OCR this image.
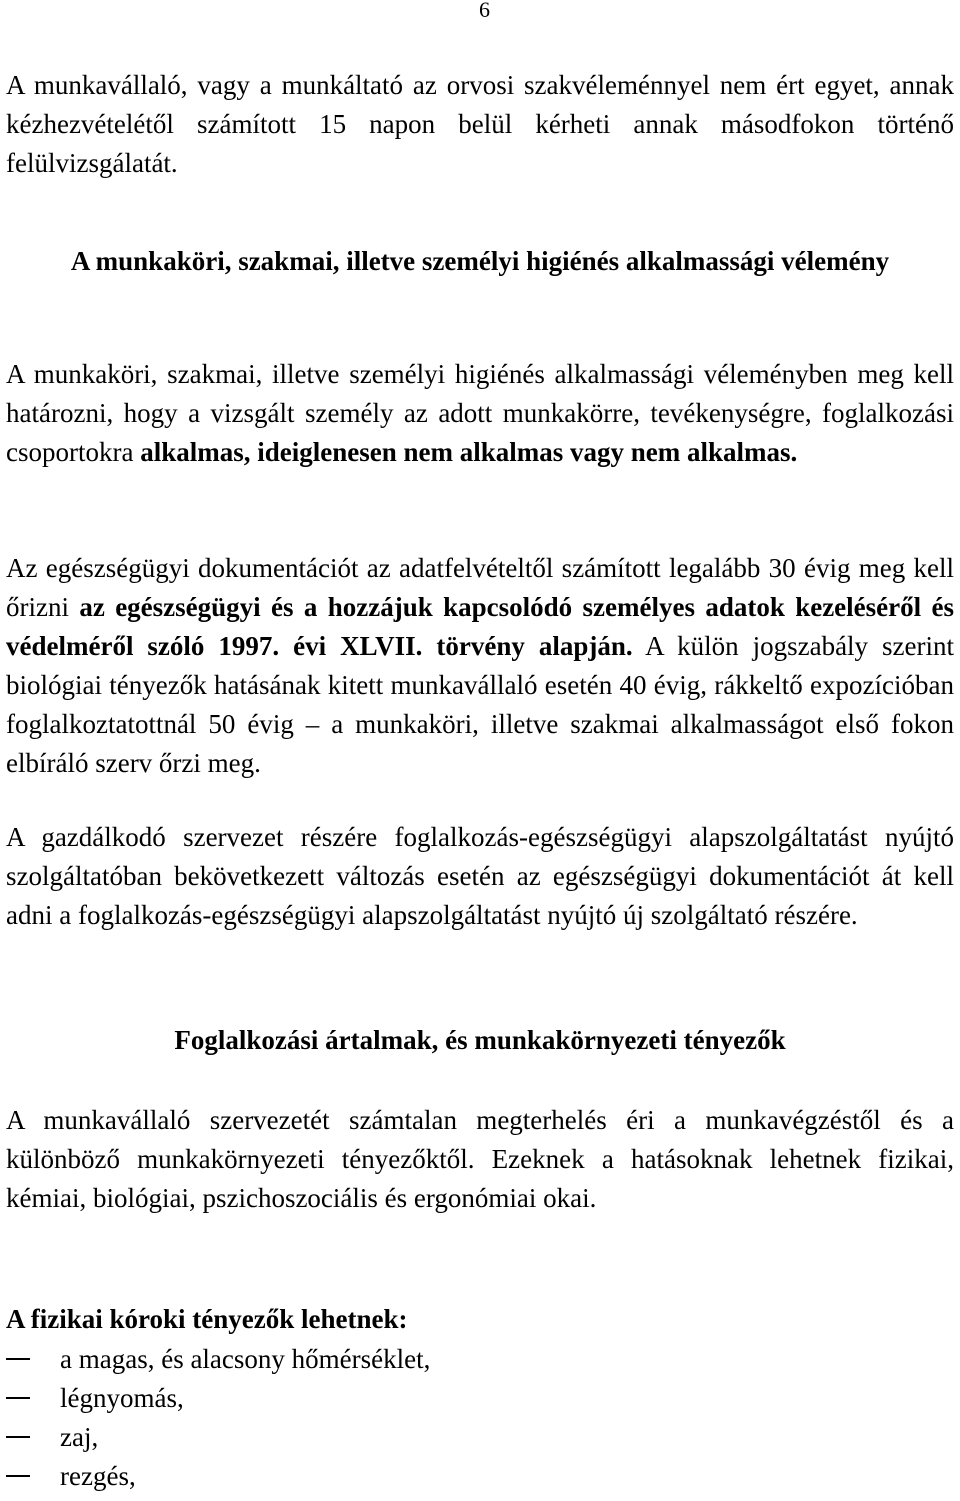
6

A munkavállaló, vagy a munkáltató az orvosi szakvéleménnyel nem ért egyet, annak kézhezvételétől számított 15 napon belül kérheti annak másodfokon történő felülvizsgálatát.

A munkaköri, szakmai, illetve személyi higiénés alkalmassági vélemény

A munkaköri, szakmai, illetve személyi higiénés alkalmassági véleményben meg kell határozni, hogy a vizsgált személy az adott munkakörre, tevékenységre, foglalkozási csoportokra alkalmas, ideiglenesen nem alkalmas vagy nem alkalmas.

Az egészségügyi dokumentációt az adatfelvételtől számított legalább 30 évig meg kell őrizni az egészségügyi és a hozzájuk kapcsolódó személyes adatok kezeléséről és védelméről szóló 1997. évi XLVII. törvény alapján. A külön jogszabály szerint biológiai tényezők hatásának kitett munkavállaló esetén 40 évig, rákkeltő expozícióban foglalkoztatottnál 50 évig – a munkaköri, illetve szakmai alkalmasságot első fokon elbíráló szerv őrzi meg.

A gazdálkodó szervezet részére foglalkozás-egészségügyi alapszolgáltatást nyújtó szolgáltatóban bekövetkezett változás esetén az egészségügyi dokumentációt át kell adni a foglalkozás-egészségügyi alapszolgáltatást nyújtó új szolgáltató részére.

Foglalkozási ártalmak, és munkakörnyezeti tényezők

A munkavállaló szervezetét számtalan megterhelés éri a munkavégzéstől és a különböző munkakörnyezeti tényezőktől. Ezeknek a hatásoknak lehetnek fizikai, kémiai, biológiai, pszichoszociális és ergonómiai okai.

A fizikai kóroki tényezők lehetnek:
a magas, és alacsony hőmérséklet,
légnyomás,
zaj,
rezgés,
